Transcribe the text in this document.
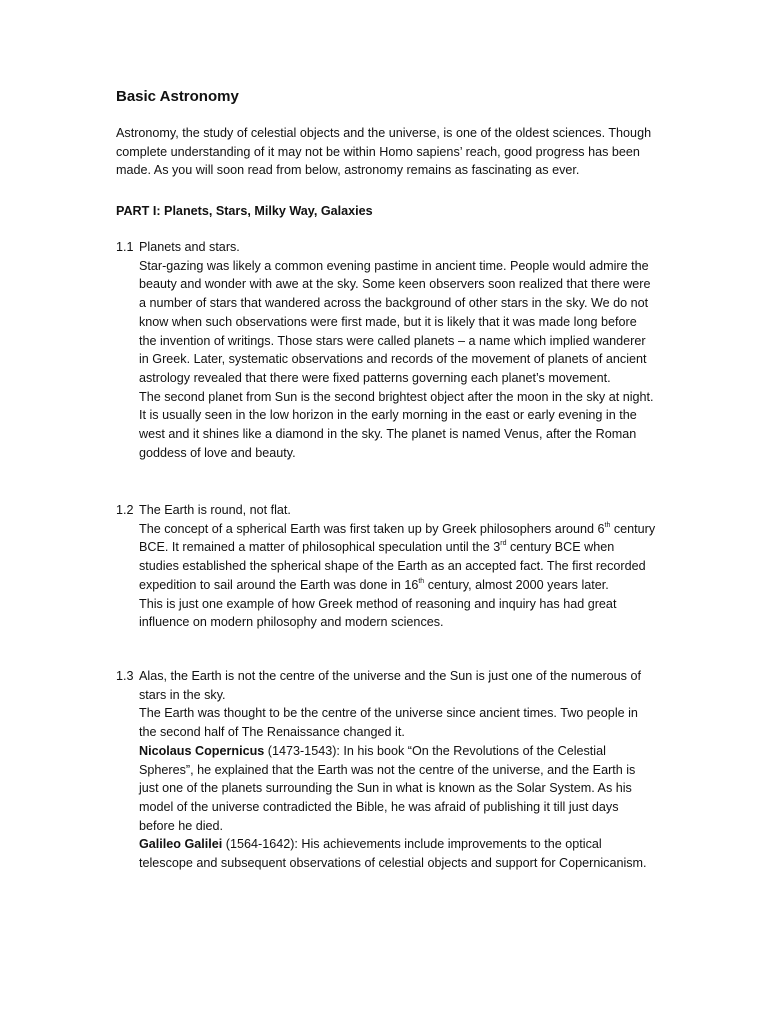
Basic Astronomy

Astronomy, the study of celestial objects and the universe, is one of the oldest sciences. Though complete understanding of it may not be within Homo sapiens’ reach, good progress has been made. As you will soon read from below, astronomy remains as fascinating as ever.

PART I: Planets, Stars, Milky Way, Galaxies

1.1 Planets and stars.

Star-gazing was likely a common evening pastime in ancient time. People would admire the beauty and wonder with awe at the sky. Some keen observers soon realized that there were a number of stars that wandered across the background of other stars in the sky. We do not know when such observations were first made, but it is likely that it was made long before the invention of writings. Those stars were called planets – a name which implied wanderer in Greek. Later, systematic observations and records of the movement of planets of ancient astrology revealed that there were fixed patterns governing each planet’s movement.

The second planet from Sun is the second brightest object after the moon in the sky at night. It is usually seen in the low horizon in the early morning in the east or early evening in the west and it shines like a diamond in the sky. The planet is named Venus, after the Roman goddess of love and beauty.

1.2 The Earth is round, not flat.

The concept of a spherical Earth was first taken up by Greek philosophers around 6th century BCE. It remained a matter of philosophical speculation until the 3rd century BCE when studies established the spherical shape of the Earth as an accepted fact. The first recorded expedition to sail around the Earth was done in 16th century, almost 2000 years later.

This is just one example of how Greek method of reasoning and inquiry has had great influence on modern philosophy and modern sciences.

1.3 Alas, the Earth is not the centre of the universe and the Sun is just one of the numerous of stars in the sky.

The Earth was thought to be the centre of the universe since ancient times. Two people in the second half of The Renaissance changed it.

Nicolaus Copernicus (1473-1543): In his book “On the Revolutions of the Celestial Spheres”, he explained that the Earth was not the centre of the universe, and the Earth is just one of the planets surrounding the Sun in what is known as the Solar System. As his model of the universe contradicted the Bible, he was afraid of publishing it till just days before he died.

Galileo Galilei (1564-1642): His achievements include improvements to the optical telescope and subsequent observations of celestial objects and support for Copernicanism.
